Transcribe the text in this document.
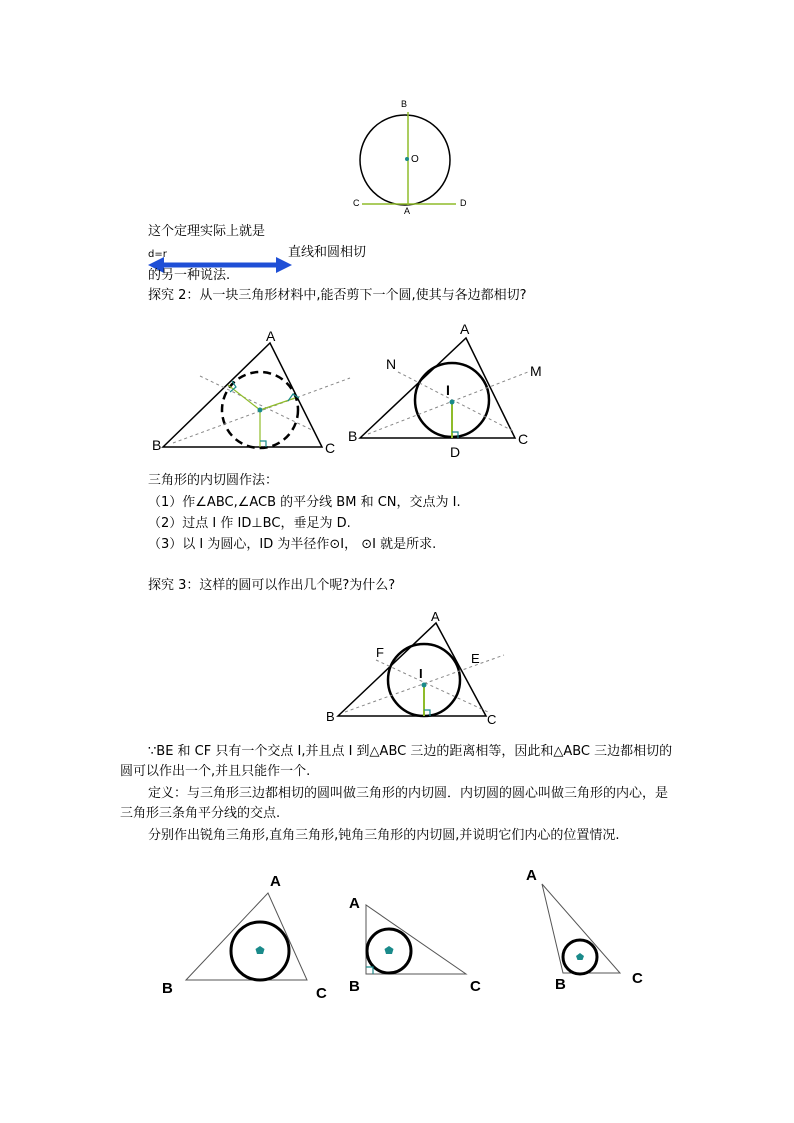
B
O
C
A
D
这个定理实际上就是
d=r	直线和圆相切
的另一种说法.
探究 2：从一块三角形材料中,能否剪下一个圆,使其与各边都相切?
A
B	C
A
B	C
N	M
I
D
三角形的内切圆作法：
（1）作∠ABC,∠ACB 的平分线 BM 和 CN，交点为 I.
（2）过点 I 作 ID⊥BC，垂足为 D.
（3）以 I 为圆心，ID 为半径作⊙I， ⊙I 就是所求.
探究 3：这样的圆可以作出几个呢?为什么?
A
B	C
F	E
I
∵BE 和 CF 只有一个交点 I,并且点 I 到△ABC 三边的距离相等，因此和△ABC 三边都相切的圆可以作出一个,并且只能作一个.
定义：与三角形三边都相切的圆叫做三角形的内切圆．内切圆的圆心叫做三角形的内心，是三角形三条角平分线的交点.
分别作出锐角三角形,直角三角形,钝角三角形的内切圆,并说明它们内心的位置情况.
A
B	C
A
B	C
A
B	C
